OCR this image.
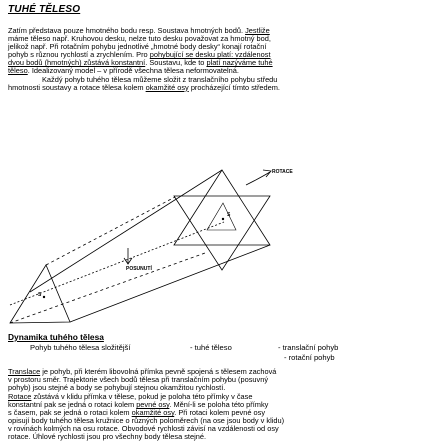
TUHÉ TĚLESO

Zatím představa pouze hmotného bodu resp. Soustava hmotných bodů. Jestliže
máme těleso např. Kruhovou desku, nelze tuto desku považovat za hmotný bod,
jelikož např. Při rotačním pohybu jednotlivé „hmotné body desky“ konají rotační
pohyb s různou rychlostí a zrychlením. Pro pohybující se desku platí: vzdálenost
dvou bodů (hmotných) zůstává konstantní. Soustavu, kde to platí nazýváme tuhé
těleso. Idealizovaný model – v přírodě všechna tělesa neformovatelná.
Každý pohyb tuhého tělesa můžeme složit z translačního pohybu středu
hmotnosti soustavy a rotace tělesa kolem okamžité osy procházející tímto středem.

ROTACE
POSUNUTÍ
S
S
Dynamika tuhého tělesa
Pohyb tuhého tělesa složitější	- tuhé těleso	- translační pohyb
- rotační pohyb

Translace je pohyb, při kterém libovolná přímka pevně spojená s tělesem zachová
v prostoru směr. Trajektorie všech bodů tělesa při translačním pohybu (posuvný
pohyb) jsou stejné a body se pohybují stejnou okamžitou rychlostí.

Rotace zůstává v klidu přímka v tělese, pokud je poloha této přímky v čase
konstantní pak se jedná o rotaci kolem pevné osy. Mění-li se poloha této přímky
s časem, pak se jedná o rotaci kolem okamžité osy. Při rotaci kolem pevné osy
opisují body tuhého tělesa kružnice o různých poloměrech (na ose jsou body v klidu)
v rovinách kolmých na osu rotace. Obvodové rychlosti závisí na vzdálenosti od osy
rotace. Úhlové rychlosti jsou pro všechny body tělesa stejné.
